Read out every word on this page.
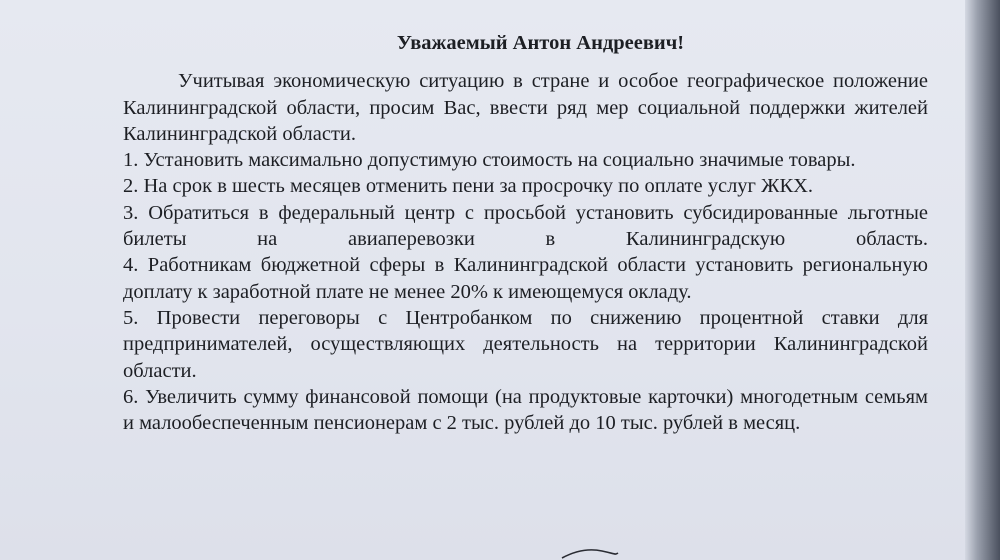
Уважаемый Антон Андреевич!

Учитывая экономическую ситуацию в стране и особое географическое положение Калининградской области, просим Вас, ввести ряд мер социальной поддержки жителей Калининградской области.

1. Установить максимально допустимую стоимость на социально значимые товары.

2. На срок в шесть месяцев отменить пени за просрочку по оплате услуг ЖКХ.

3. Обратиться в федеральный центр с просьбой установить субсидированные льготные билеты на авиаперевозки в Калининградскую область.

4. Работникам бюджетной сферы в Калининградской области установить региональную доплату к заработной плате не менее 20% к имеющемуся окладу.

5. Провести переговоры с Центробанком по снижению процентной ставки для предпринимателей, осуществляющих деятельность на территории Калининградской области.

6. Увеличить сумму финансовой помощи (на продуктовые карточки) многодетным семьям и малообеспеченным пенсионерам с 2 тыс. рублей до 10 тыс. рублей в месяц.
